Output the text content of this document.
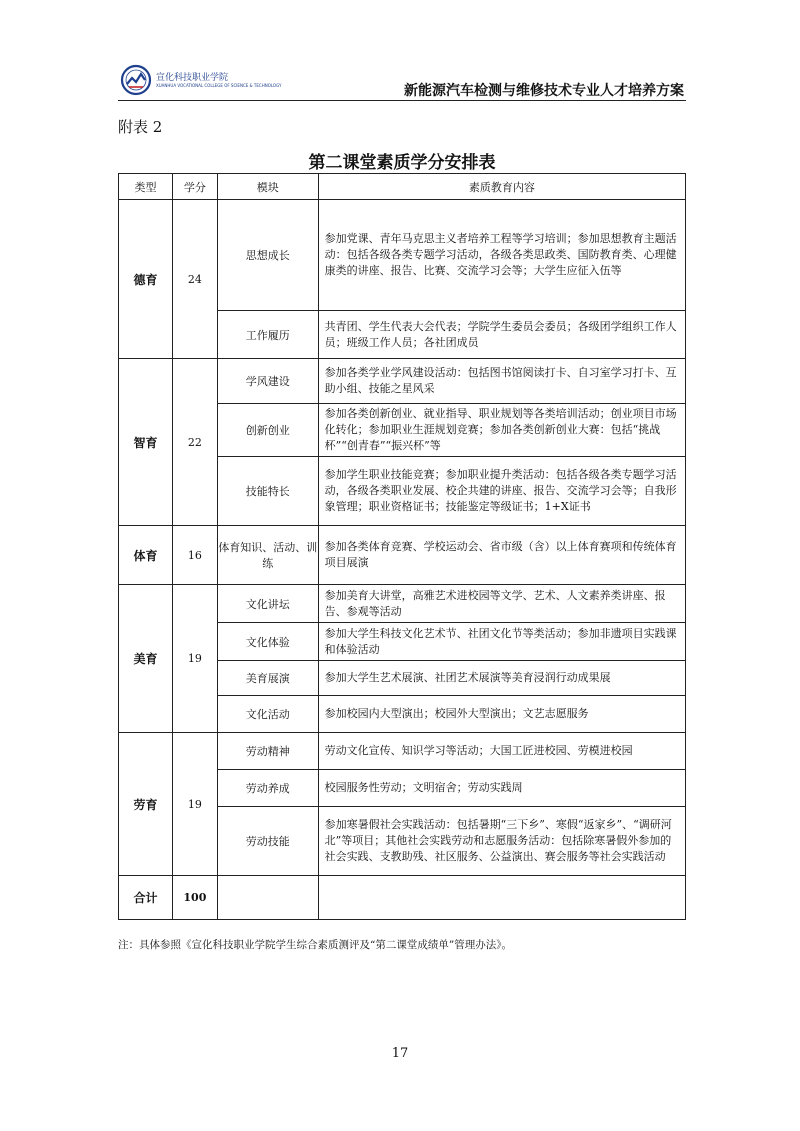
宣化科技职业学院
XUANHUA VOCATIONAL COLLEGE OF SCIENCE & TECHNOLOGY	新能源汽车检测与维修技术专业人才培养方案
附表 2
第二课堂素质学分安排表
类型	学分	模块	素质教育内容
德育	24	思想成长	参加党课、青年马克思主义者培养工程等学习培训；参加思想教育主题活动：包括各级各类专题学习活动，各级各类思政类、国防教育类、心理健康类的讲座、报告、比赛、交流学习会等；大学生应征入伍等
		工作履历	共青团、学生代表大会代表；学院学生委员会委员；各级团学组织工作人员；班级工作人员；各社团成员
智育	22	学风建设	参加各类学业学风建设活动：包括图书馆阅读打卡、自习室学习打卡、互助小组、技能之星风采
		创新创业	参加各类创新创业、就业指导、职业规划等各类培训活动；创业项目市场化转化；参加职业生涯规划竞赛；参加各类创新创业大赛：包括“挑战杯”“创青春”“振兴杯”等
		技能特长	参加学生职业技能竞赛；参加职业提升类活动：包括各级各类专题学习活动，各级各类职业发展、校企共建的讲座、报告、交流学习会等；自我形象管理；职业资格证书；技能鉴定等级证书；1+X证书
体育	16	体育知识、活动、训练	参加各类体育竞赛、学校运动会、省市级（含）以上体育赛项和传统体育项目展演
美育	19	文化讲坛	参加美育大讲堂，高雅艺术进校园等文学、艺术、人文素养类讲座、报告、参观等活动
		文化体验	参加大学生科技文化艺术节、社团文化节等类活动；参加非遗项目实践课和体验活动
		美育展演	参加大学生艺术展演、社团艺术展演等美育浸润行动成果展
		文化活动	参加校园内大型演出；校园外大型演出；文艺志愿服务
劳育	19	劳动精神	劳动文化宣传、知识学习等活动；大国工匠进校园、劳模进校园
		劳动养成	校园服务性劳动；文明宿舍；劳动实践周
		劳动技能	参加寒暑假社会实践活动：包括暑期“三下乡”、寒假“返家乡”、“调研河北”等项目；其他社会实践劳动和志愿服务活动：包括除寒暑假外参加的社会实践、支教助残、社区服务、公益演出、赛会服务等社会实践活动
合计	100		
注：具体参照《宣化科技职业学院学生综合素质测评及“第二课堂成绩单”管理办法》。
17
